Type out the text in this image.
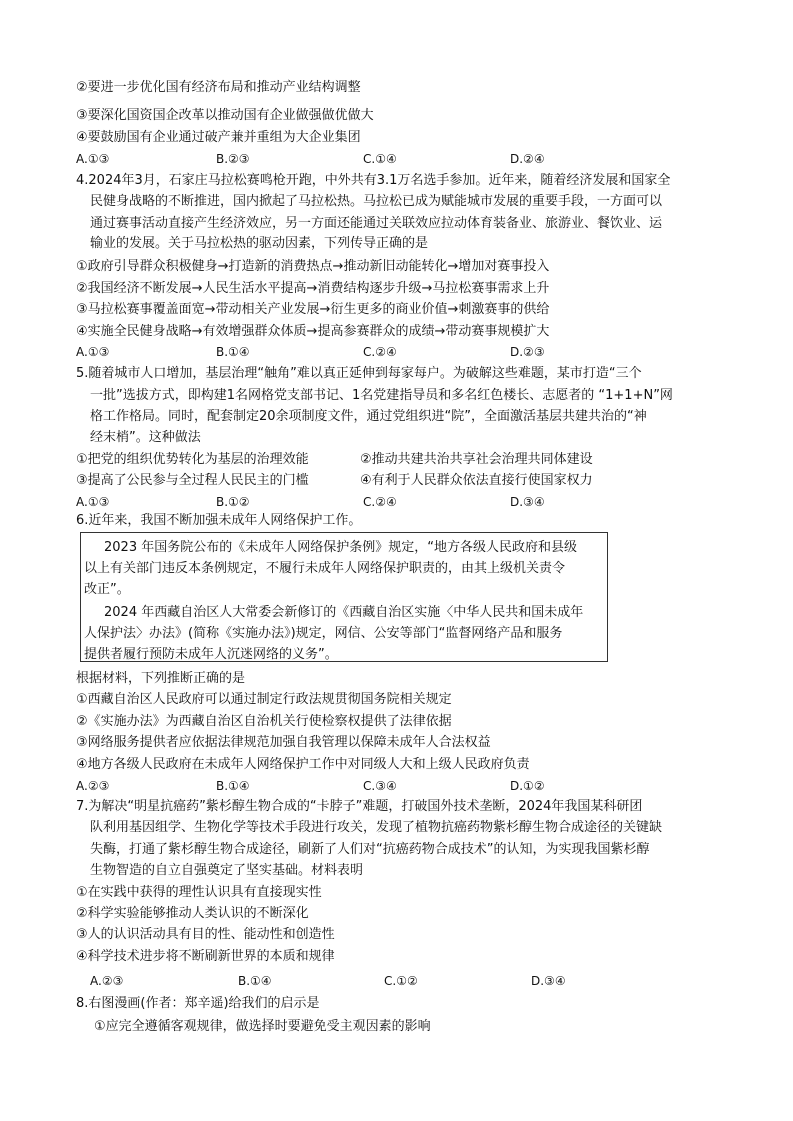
②要进一步优化国有经济布局和推动产业结构调整
③要深化国资国企改革以推动国有企业做强做优做大
④要鼓励国有企业通过破产兼并重组为大企业集团
A.①③	B.②③	C.①④	D.②④
4.2024年3月，石家庄马拉松赛鸣枪开跑，中外共有3.1万名选手参加。近年来，随着经济发展和国家全
民健身战略的不断推进，国内掀起了马拉松热。马拉松已成为赋能城市发展的重要手段，一方面可以
通过赛事活动直接产生经济效应，另一方面还能通过关联效应拉动体育装备业、旅游业、餐饮业、运
输业的发展。关于马拉松热的驱动因素，下列传导正确的是
①政府引导群众积极健身→打造新的消费热点→推动新旧动能转化→增加对赛事投入
②我国经济不断发展→人民生活水平提高→消费结构逐步升级→马拉松赛事需求上升
③马拉松赛事覆盖面宽→带动相关产业发展→衍生更多的商业价值→刺激赛事的供给
④实施全民健身战略→有效增强群众体质→提高参赛群众的成绩→带动赛事规模扩大
A.①③	B.①④	C.②④	D.②③
5.随着城市人口增加，基层治理“触角”难以真正延伸到每家每户。为破解这些难题，某市打造“三个
一批”选拔方式，即构建1名网格党支部书记、1名党建指导员和多名红色楼长、志愿者的 “1+1+N”网
格工作格局。同时，配套制定20余项制度文件，通过党组织进“院”，全面激活基层共建共治的“神
经末梢”。这种做法
①把党的组织优势转化为基层的治理效能	②推动共建共治共享社会治理共同体建设
③提高了公民参与全过程人民民主的门槛	④有利于人民群众依法直接行使国家权力
A.①③	B.①②	C.②④	D.③④
6.近年来，我国不断加强未成年人网络保护工作。
2023 年国务院公布的《未成年人网络保护条例》规定，“地方各级人民政府和县级
以上有关部门违反本条例规定，不履行未成年人网络保护职责的，由其上级机关责令
改正”。
2024 年西藏自治区人大常委会新修订的《西藏自治区实施〈中华人民共和国未成年
人保护法〉办法》(简称《实施办法》)规定，网信、公安等部门“监督网络产品和服务
提供者履行预防未成年人沉迷网络的义务”。
根据材料，下列推断正确的是
①西藏自治区人民政府可以通过制定行政法规贯彻国务院相关规定
②《实施办法》为西藏自治区自治机关行使检察权提供了法律依据
③网络服务提供者应依据法律规范加强自我管理以保障未成年人合法权益
④地方各级人民政府在未成年人网络保护工作中对同级人大和上级人民政府负责
A.②③	B.①④	C.③④	D.①②
7.为解决“明星抗癌药”紫杉醇生物合成的“卡脖子”难题，打破国外技术垄断，2024年我国某科研团
队利用基因组学、生物化学等技术手段进行攻关，发现了植物抗癌药物紫杉醇生物合成途径的关键缺
失酶，打通了紫杉醇生物合成途径，刷新了人们对“抗癌药物合成技术”的认知，为实现我国紫杉醇
生物智造的自立自强奠定了坚实基础。材料表明
①在实践中获得的理性认识具有直接现实性
②科学实验能够推动人类认识的不断深化
③人的认识活动具有目的性、能动性和创造性
④科学技术进步将不断刷新世界的本质和规律
A.②③	B.①④	C.①②	D.③④
8.右图漫画(作者：郑辛遥)给我们的启示是
①应完全遵循客观规律，做选择时要避免受主观因素的影响
